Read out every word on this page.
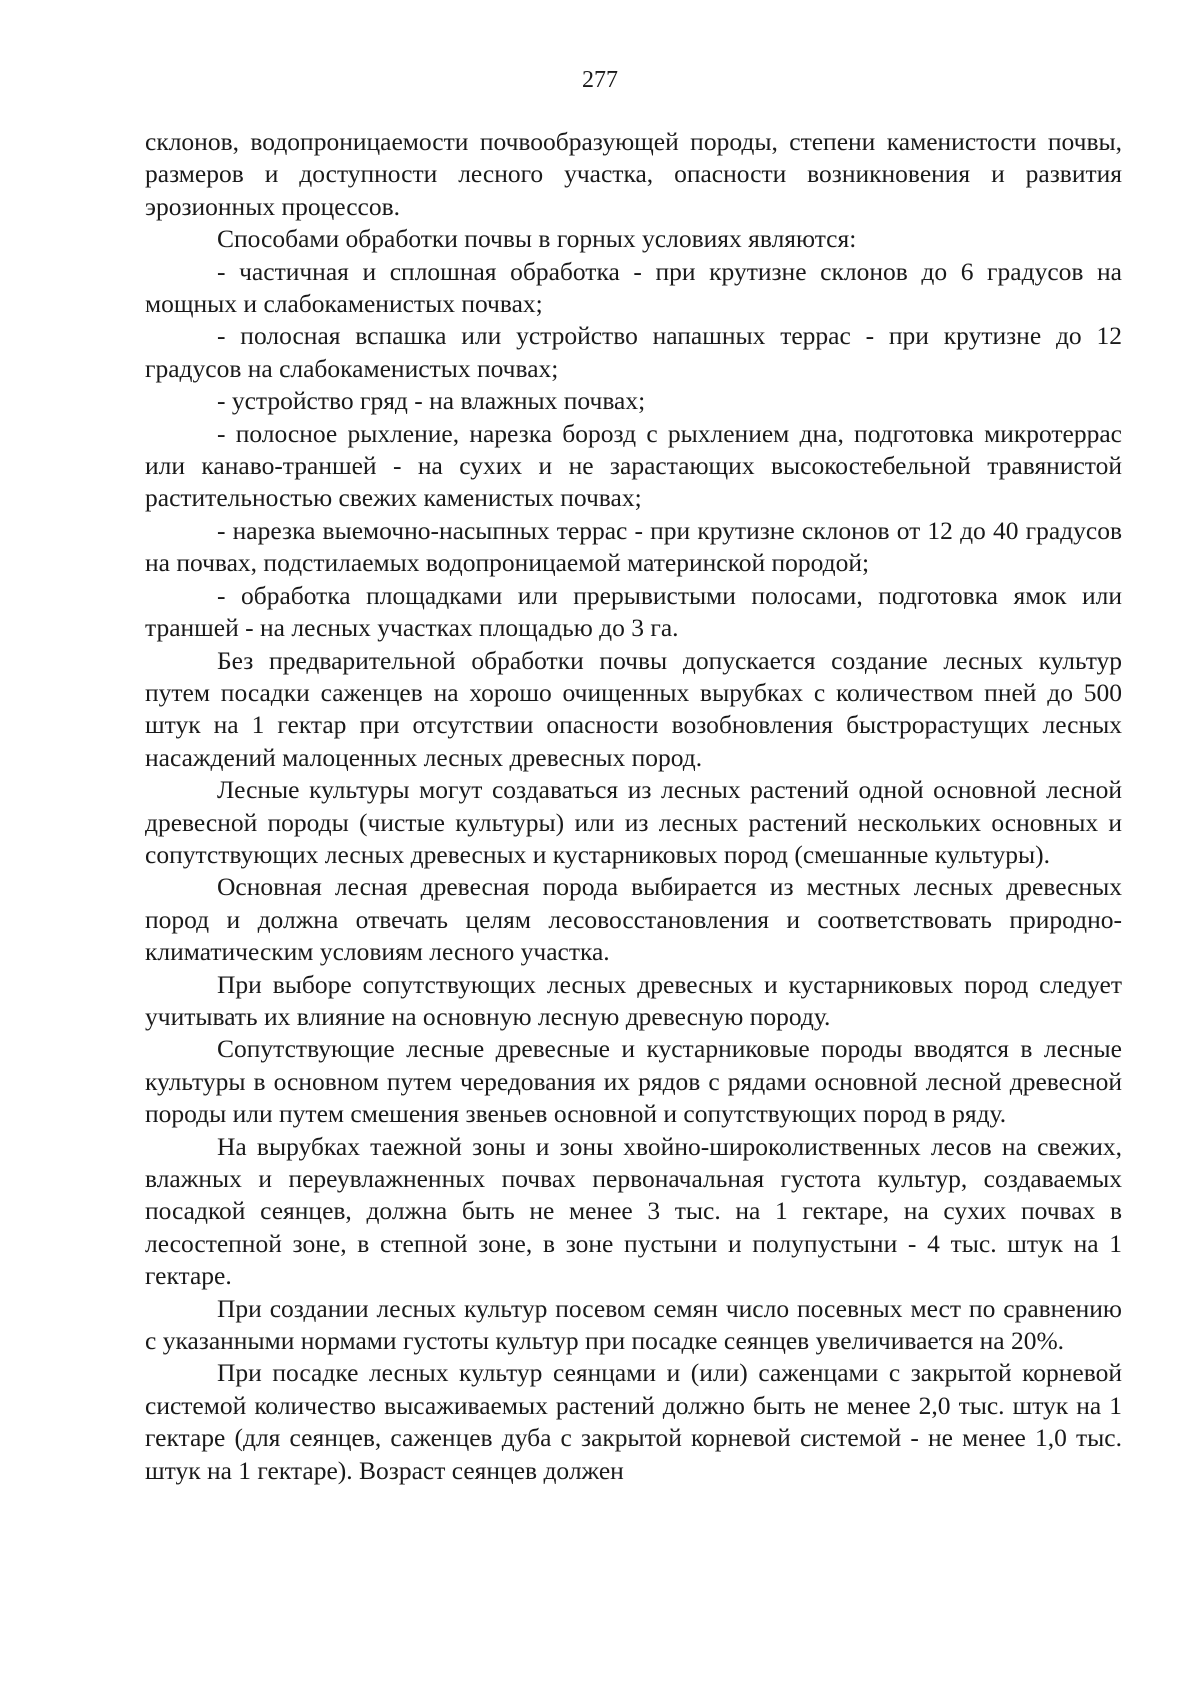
277

склонов, водопроницаемости почвообразующей породы, степени каменистости почвы, размеров и доступности лесного участка, опасности возникновения и развития эрозионных процессов.

Способами обработки почвы в горных условиях являются:

- частичная и сплошная обработка - при крутизне склонов до 6 градусов на мощных и слабокаменистых почвах;

- полосная вспашка или устройство напашных террас - при крутизне до 12 градусов на слабокаменистых почвах;

- устройство гряд - на влажных почвах;

- полосное рыхление, нарезка борозд с рыхлением дна, подготовка микротеррас или канаво-траншей - на сухих и не зарастающих высокостебельной травянистой растительностью свежих каменистых почвах;

- нарезка выемочно-насыпных террас - при крутизне склонов от 12 до 40 градусов на почвах, подстилаемых водопроницаемой материнской породой;

- обработка площадками или прерывистыми полосами, подготовка ямок или траншей - на лесных участках площадью до 3 га.

Без предварительной обработки почвы допускается создание лесных культур путем посадки саженцев на хорошо очищенных вырубках с количеством пней до 500 штук на 1 гектар при отсутствии опасности возобновления быстрорастущих лесных насаждений малоценных лесных древесных пород.

Лесные культуры могут создаваться из лесных растений одной основной лесной древесной породы (чистые культуры) или из лесных растений нескольких основных и сопутствующих лесных древесных и кустарниковых пород (смешанные культуры).

Основная лесная древесная порода выбирается из местных лесных древесных пород и должна отвечать целям лесовосстановления и соответствовать природно-климатическим условиям лесного участка.

При выборе сопутствующих лесных древесных и кустарниковых пород следует учитывать их влияние на основную лесную древесную породу.

Сопутствующие лесные древесные и кустарниковые породы вводятся в лесные культуры в основном путем чередования их рядов с рядами основной лесной древесной породы или путем смешения звеньев основной и сопутствующих пород в ряду.

На вырубках таежной зоны и зоны хвойно-широколиственных лесов на свежих, влажных и переувлажненных почвах первоначальная густота культур, создаваемых посадкой сеянцев, должна быть не менее 3 тыс. на 1 гектаре, на сухих почвах в лесостепной зоне, в степной зоне, в зоне пустыни и полупустыни - 4 тыс. штук на 1 гектаре.

При создании лесных культур посевом семян число посевных мест по сравнению с указанными нормами густоты культур при посадке сеянцев увеличивается на 20%.

При посадке лесных культур сеянцами и (или) саженцами с закрытой корневой системой количество высаживаемых растений должно быть не менее 2,0 тыс. штук на 1 гектаре (для сеянцев, саженцев дуба с закрытой корневой системой - не менее 1,0 тыс. штук на 1 гектаре). Возраст сеянцев должен
